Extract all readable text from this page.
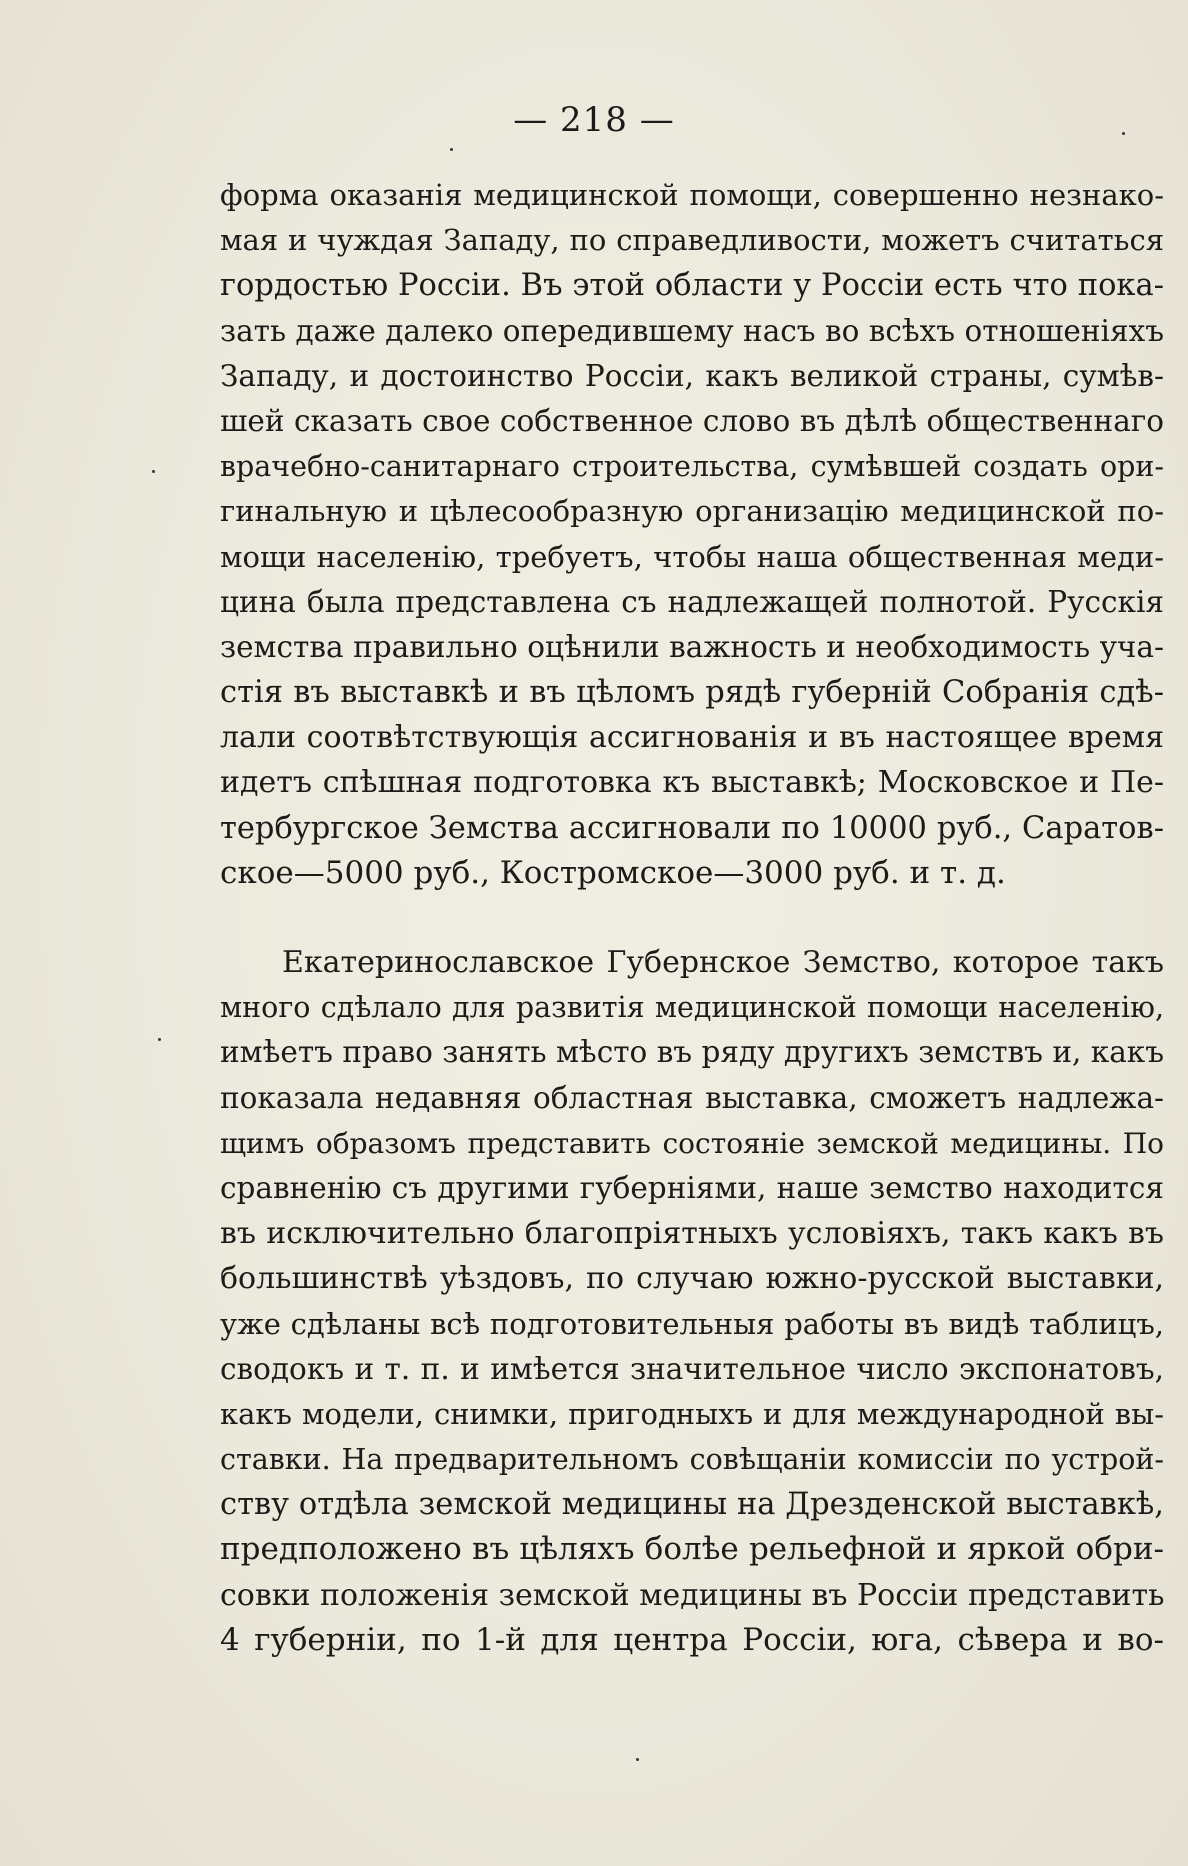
— 218 —
форма оказанія медицинской помощи, совершенно незнако-
мая и чуждая Западу, по справедливости, можетъ считаться
гордостью Россіи. Въ этой области у Россіи есть что пока-
зать даже далеко опередившему насъ во всѣхъ отношеніяхъ
Западу, и достоинство Россіи, какъ великой страны, сумѣв-
шей сказать свое собственное слово въ дѣлѣ общественнаго
врачебно-санитарнаго строительства, сумѣвшей создать ори-
гинальную и цѣлесообразную организацію медицинской по-
мощи населенію, требуетъ, чтобы наша общественная меди-
цина была представлена съ надлежащей полнотой. Русскія
земства правильно оцѣнили важность и необходимость уча-
стія въ выставкѣ и въ цѣломъ рядѣ губерній Собранія сдѣ-
лали соотвѣтствующія ассигнованія и въ настоящее время
идетъ спѣшная подготовка къ выставкѣ; Московское и Пе-
тербургское Земства ассигновали по 10000 руб., Саратов-
ское—5000 руб., Костромское—3000 руб. и т. д.
Екатеринославское Губернское Земство, которое такъ
много сдѣлало для развитія медицинской помощи населенію,
имѣетъ право занять мѣсто въ ряду другихъ земствъ и, какъ
показала недавняя областная выставка, сможетъ надлежа-
щимъ образомъ представить состояніе земской медицины. По
сравненію съ другими губерніями, наше земство находится
въ исключительно благопріятныхъ условіяхъ, такъ какъ въ
большинствѣ уѣздовъ, по случаю южно-русской выставки,
уже сдѣланы всѣ подготовительныя работы въ видѣ таблицъ,
сводокъ и т. п. и имѣется значительное число экспонатовъ,
какъ модели, снимки, пригодныхъ и для международной вы-
ставки. На предварительномъ совѣщаніи комиссіи по устрой-
ству отдѣла земской медицины на Дрезденской выставкѣ,
предположено въ цѣляхъ болѣе рельефной и яркой обри-
совки положенія земской медицины въ Россіи представить
4 губерніи, по 1-й для центра Россіи, юга, сѣвера и во-
